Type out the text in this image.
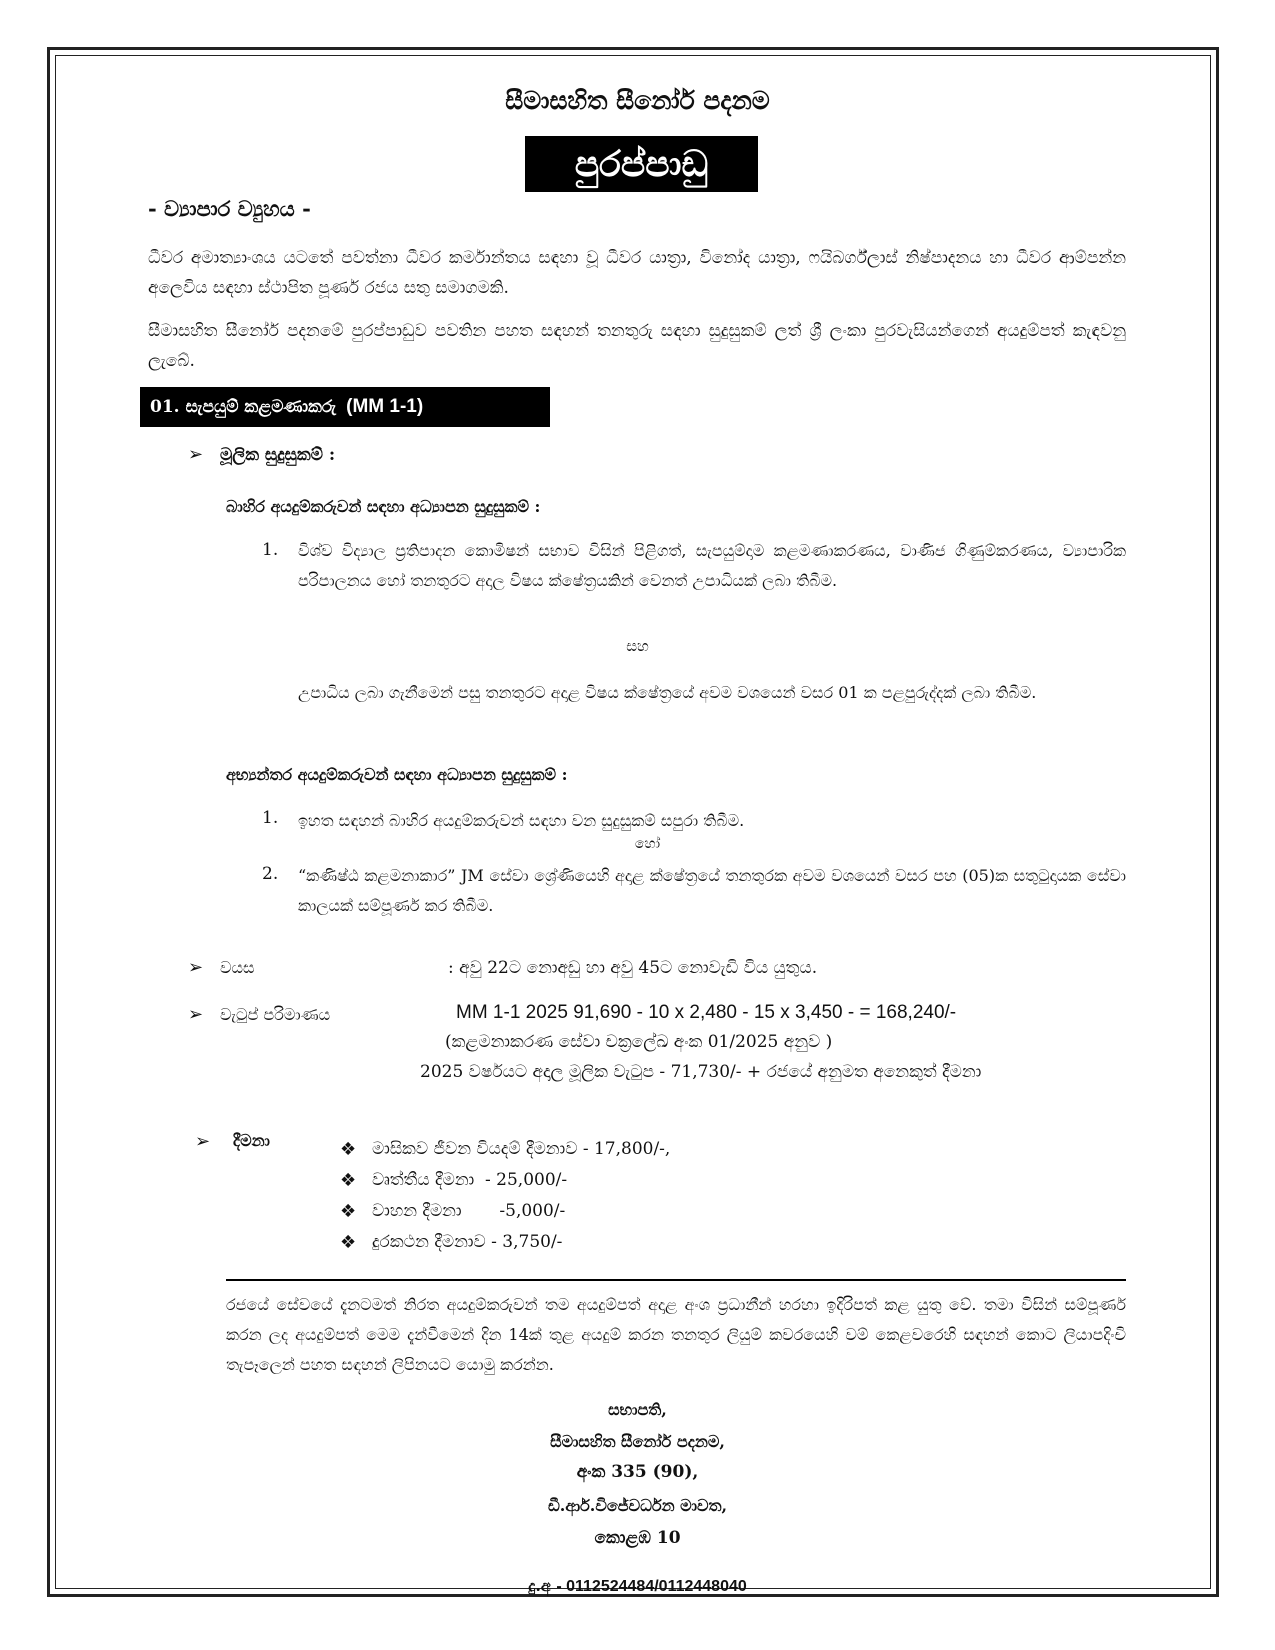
සීමාසහිත සීනෝර් පදනම
පුරප්පාඩු
- ව්‍යාපාර ව්‍යුහය -
ධීවර අමාත්‍යාංශය යටතේ පවත්නා ධීවර කර්මාන්තය සඳහා වූ ධීවර යාත්‍රා, විනෝද යාත්‍රා, ෆයිබර්ග්ලාස් නිෂ්පාදනය හා ධීවර ආම්පන්න අලෙවිය සඳහා ස්ථාපිත පූර්ණ රජය සතු සමාගමකි.
සීමාසහිත සීනෝර් පදනමේ පුරප්පාඩුව පවතින පහත සඳහන් තනතුරු සඳහා සුදුසුකම් ලත් ශ්‍රී ලංකා පුරවැසියන්ගෙන් අයදුම්පත් කැඳවනු ලැබේ.
01. සැපයුම් කළමණාකරු (MM 1-1)
➢ මූලික සුදුසුකම් :
බාහිර අයදුම්කරුවන් සඳහා අධ්‍යාපන සුදුසුකම් :
1. විශ්ව විද්‍යාල ප්‍රතිපාදන කොමිෂන් සභාව විසින් පිළිගත්, සැපයුම්දාම කළමණාකරණය, වාණිජ ගිණුම්කරණය, ව්‍යාපාරික පරිපාලනය හෝ තනතුරට අදාල විෂය ක්ෂේත්‍රයකින් වෙනත් උපාධියක් ලබා තිබීම.
සහ
උපාධිය ලබා ගැනීමෙන් පසු තනතුරට අදාළ විෂය ක්ෂේත්‍රයේ අවම වශයෙන් වසර 01 ක පළපුරුද්දක් ලබා තිබීම.
අභ්‍යන්තර අයදුම්කරුවන් සඳහා අධ්‍යාපන සුදුසුකම් :
1. ඉහත සඳහන් බාහිර අයදුම්කරුවන් සඳහා වන සුදුසුකම් සපුරා තිබීම.
හෝ
2. “කණිෂ්ඨ කළමනාකාර” JM සේවා ශ්‍රේණියෙහි අදාළ ක්ෂේත්‍රයේ තනතුරක අවම වශයෙන් වසර පහ (05)ක සතුටුදායක සේවා කාලයක් සම්පූර්ණ කර තිබීම.
➢ වයස	: අවු 22ට නොඅඩු හා අවු 45ට නොවැඩි විය යුතුය.
➢ වැටුප් පරිමාණය	MM 1-1 2025 91,690 - 10 x 2,480 - 15 x 3,450 - = 168,240/-
(කළමනාකරණ සේවා චක්‍රලේඛ අංක 01/2025 අනුව )
2025 වර්ෂයට අදාල මූලික වැටුප - 71,730/- + රජයේ අනුමත අනෙකුත් දීමනා
➢ දීමනා	❖ මාසිකව ජීවන වියදම් දීමනාව - 17,800/-,
❖ වෘත්තීය දීමනා  - 25,000/-
❖ වාහන දීමනා       -5,000/-
❖ දුරකථන දීමනාව - 3,750/-
රජයේ සේවයේ දැනටමත් නිරත අයදුම්කරුවන් තම අයදුම්පත් අදාළ අංශ ප්‍රධානීන් හරහා ඉදිරිපත් කළ යුතු වේ. තමා විසින් සම්පූර්ණ කරන ලද අයදුම්පත් මෙම දැන්වීමෙන් දින 14ක් තුළ අයදුම් කරන තනතුර ලියුම් කවරයෙහි වම් කෙළවරෙහි සඳහන් කොට ලියාපදිංචි තැපෑලෙන් පහත සඳහන් ලිපිනයට යොමු කරන්න.
සභාපති,
සීමාසහිත සීනෝර් පදනම,
අංක 335 (90),
ඩී.ආර්.විජේවර්ධන මාවත,
කොළඹ 10
දු.අ - 0112524484/0112448040
